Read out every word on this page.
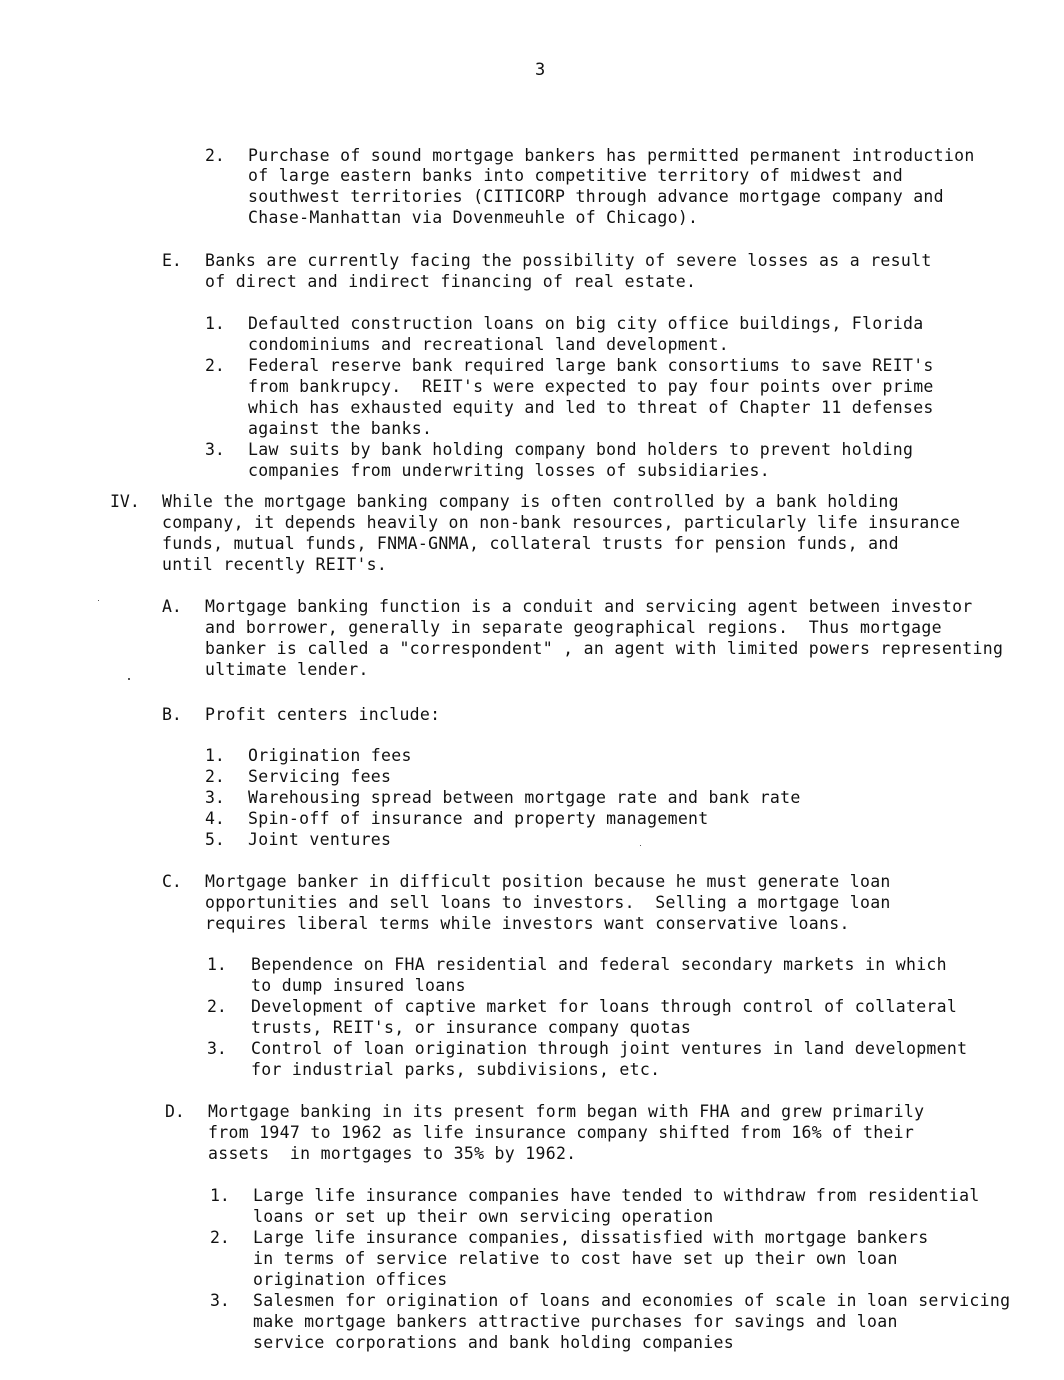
3
2. Purchase of sound mortgage bankers has permitted permanent introduction

of large eastern banks into competitive territory of midwest and

southwest territories (CITICORP through advance mortgage company and

Chase-Manhattan via Dovenmeuhle of Chicago).

E. Banks are currently facing the possibility of severe losses as a result

of direct and indirect financing of real estate.

1. Defaulted construction loans on big city office buildings, Florida

condominiums and recreational land development.

2. Federal reserve bank required large bank consortiums to save REIT's

from bankrupcy.  REIT's were expected to pay four points over prime

which has exhausted equity and led to threat of Chapter 11 defenses

against the banks.

3. Law suits by bank holding company bond holders to prevent holding

companies from underwriting losses of subsidiaries.

IV. While the mortgage banking company is often controlled by a bank holding

company, it depends heavily on non-bank resources, particularly life insurance

funds, mutual funds, FNMA-GNMA, collateral trusts for pension funds, and

until recently REIT's.

A. Mortgage banking function is a conduit and servicing agent between investor

and borrower, generally in separate geographical regions.  Thus mortgage

banker is called a "correspondent" , an agent with limited powers representing

ultimate lender.

B. Profit centers include:

1. Origination fees

2. Servicing fees

3. Warehousing spread between mortgage rate and bank rate

4. Spin-off of insurance and property management

5. Joint ventures

C. Mortgage banker in difficult position because he must generate loan

opportunities and sell loans to investors.  Selling a mortgage loan

requires liberal terms while investors want conservative loans.

1. Bependence on FHA residential and federal secondary markets in which

to dump insured loans

2. Development of captive market for loans through control of collateral

trusts, REIT's, or insurance company quotas

3. Control of loan origination through joint ventures in land development

for industrial parks, subdivisions, etc.

D. Mortgage banking in its present form began with FHA and grew primarily

from 1947 to 1962 as life insurance company shifted from 16% of their

assets  in mortgages to 35% by 1962.

1. Large life insurance companies have tended to withdraw from residential

loans or set up their own servicing operation

2. Large life insurance companies, dissatisfied with mortgage bankers

in terms of service relative to cost have set up their own loan

origination offices

3. Salesmen for origination of loans and economies of scale in loan servicing

make mortgage bankers attractive purchases for savings and loan

service corporations and bank holding companies
